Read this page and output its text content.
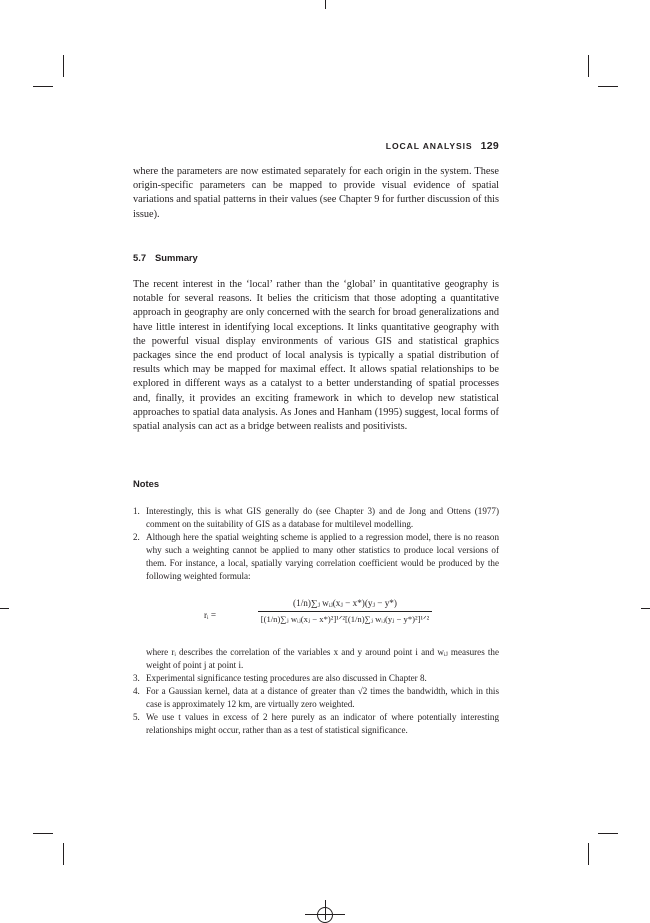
LOCAL ANALYSIS 129

where the parameters are now estimated separately for each origin in the system. These origin-specific parameters can be mapped to provide visual evidence of spatial variations and spatial patterns in their values (see Chapter 9 for further discussion of this issue).

5.7 Summary

The recent interest in the ‘local’ rather than the ‘global’ in quantitative geography is notable for several reasons. It belies the criticism that those adopting a quantitative approach in geography are only concerned with the search for broad generalizations and have little interest in identifying local exceptions. It links quantitative geography with the powerful visual display environments of various GIS and statistical graphics packages since the end product of local analysis is typically a spatial distribution of results which may be mapped for maximal effect. It allows spatial relationships to be explored in different ways as a catalyst to a better understanding of spatial processes and, finally, it provides an exciting framework in which to develop new statistical approaches to spatial data analysis. As Jones and Hanham (1995) suggest, local forms of spatial analysis can act as a bridge between realists and positivists.

Notes
1. Interestingly, this is what GIS generally do (see Chapter 3) and de Jong and Ottens (1977) comment on the suitability of GIS as a database for multilevel modelling.
2. Although here the spatial weighting scheme is applied to a regression model, there is no reason why such a weighting cannot be applied to many other statistics to produce local versions of them. For instance, a local, spatially varying correlation coefficient would be produced by the following weighted formula:
rᵢ =
(1/n)∑ⱼ wᵢⱼ(xⱼ − x*)(yⱼ − y*)
[(1/n)∑ⱼ wᵢⱼ(xⱼ − x*)²]¹ᐟ²[(1/n)∑ⱼ wᵢⱼ(yⱼ − y*)²]¹ᐟ²
where rᵢ describes the correlation of the variables x and y around point i and wᵢⱼ measures the weight of point j at point i.
3. Experimental significance testing procedures are also discussed in Chapter 8.
4. For a Gaussian kernel, data at a distance of greater than √2 times the bandwidth, which in this case is approximately 12 km, are virtually zero weighted.
5. We use t values in excess of 2 here purely as an indicator of where potentially interesting relationships might occur, rather than as a test of statistical significance.
